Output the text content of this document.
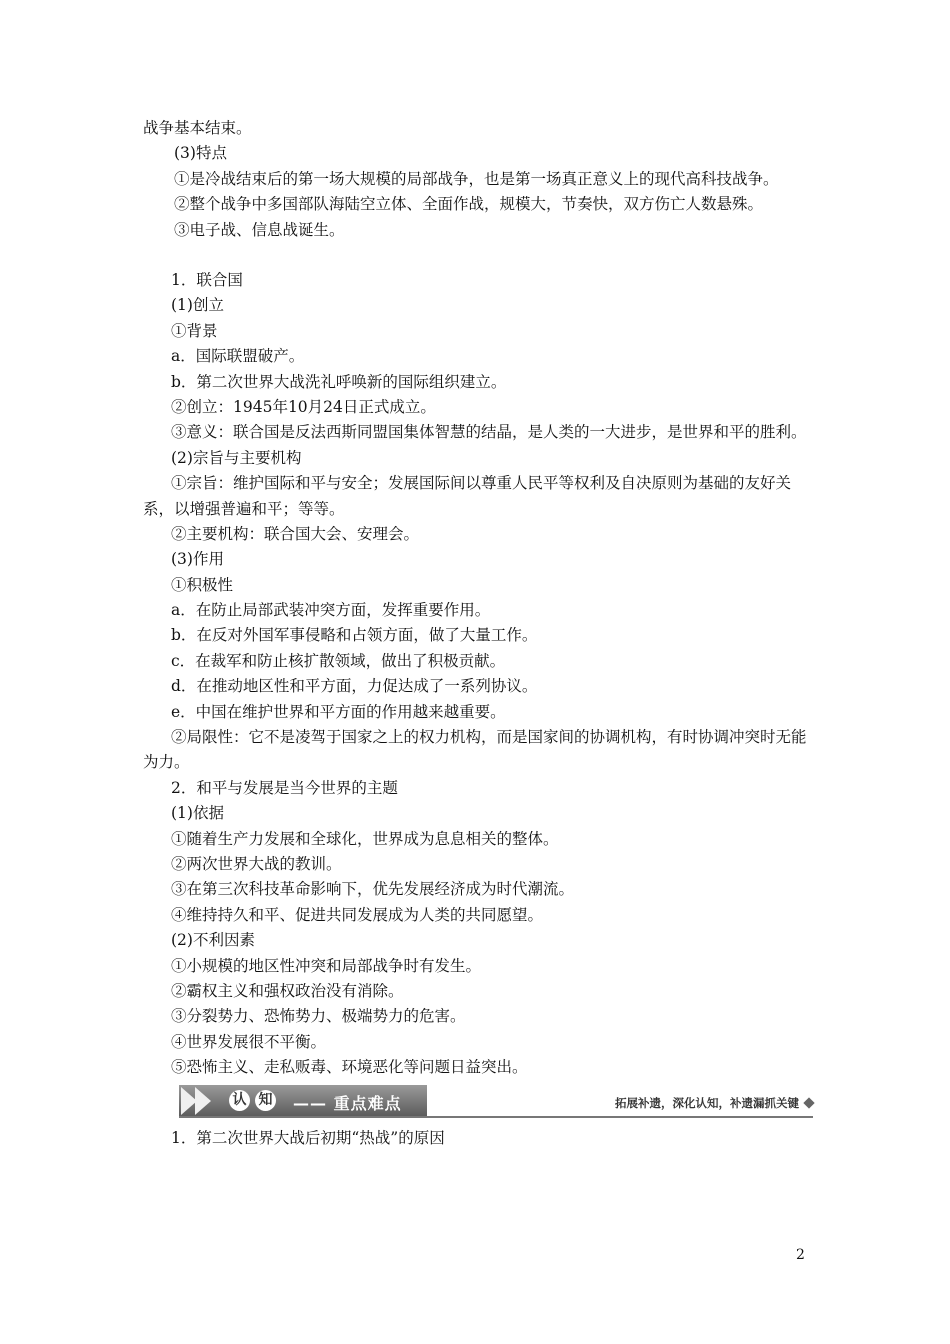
战争基本结束。
(3)特点
①是冷战结束后的第一场大规模的局部战争，也是第一场真正意义上的现代高科技战争。
②整个战争中多国部队海陆空立体、全面作战，规模大，节奏快，双方伤亡人数悬殊。
③电子战、信息战诞生。
1．联合国
(1)创立
①背景
a．国际联盟破产。
b．第二次世界大战洗礼呼唤新的国际组织建立。
②创立：1945年10月24日正式成立。
③意义：联合国是反法西斯同盟国集体智慧的结晶，是人类的一大进步，是世界和平的胜利。
(2)宗旨与主要机构
①宗旨：维护国际和平与安全；发展国际间以尊重人民平等权利及自决原则为基础的友好关系，以增强普遍和平；等等。
②主要机构：联合国大会、安理会。
(3)作用
①积极性
a．在防止局部武装冲突方面，发挥重要作用。
b．在反对外国军事侵略和占领方面，做了大量工作。
c．在裁军和防止核扩散领域，做出了积极贡献。
d．在推动地区性和平方面，力促达成了一系列协议。
e．中国在维护世界和平方面的作用越来越重要。
②局限性：它不是凌驾于国家之上的权力机构，而是国家间的协调机构，有时协调冲突时无能为力。
2．和平与发展是当今世界的主题
(1)依据
①随着生产力发展和全球化，世界成为息息相关的整体。
②两次世界大战的教训。
③在第三次科技革命影响下，优先发展经济成为时代潮流。
④维持持久和平、促进共同发展成为人类的共同愿望。
(2)不利因素
①小规模的地区性冲突和局部战争时有发生。
②霸权主义和强权政治没有消除。
③分裂势力、恐怖势力、极端势力的危害。
④世界发展很不平衡。
⑤恐怖主义、走私贩毒、环境恶化等问题日益突出。
认 知 —— 重点难点	拓展补遗，深化认知，补遗漏抓关键
1．第二次世界大战后初期“热战”的原因
2
